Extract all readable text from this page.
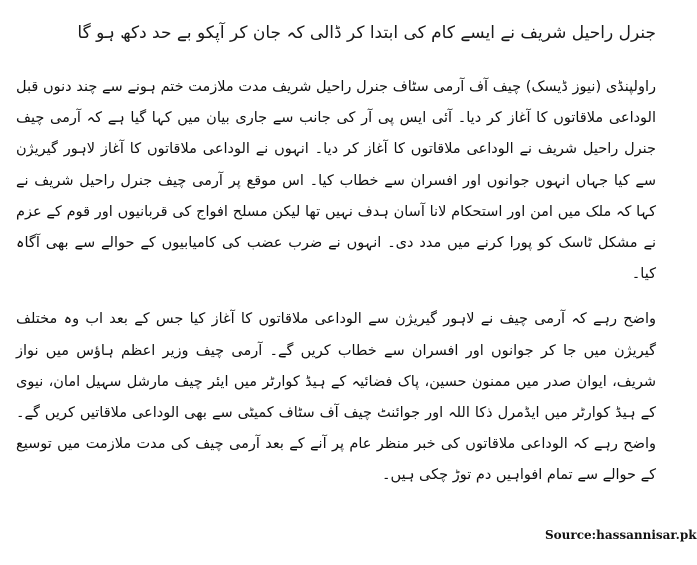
جنرل راحیل شریف نے ایسے کام کی ابتدا کر ڈالی کہ جان کر آپکو بے حد دکھ ہو گا

راولپنڈی (نیوز ڈیسک) چیف آف آرمی سٹاف جنرل راحیل شریف مدت ملازمت ختم ہونے سے چند دنوں قبل الوداعی ملاقاتوں کا آغاز کر دیا۔ آئی ایس پی آر کی جانب سے جاری بیان میں کہا گیا ہے کہ آرمی چیف جنرل راحیل شریف نے الوداعی ملاقاتوں کا آغاز کر دیا۔ انہوں نے الوداعی ملاقاتوں کا آغاز لاہور گیریژن سے کیا جہاں انہوں جوانوں اور افسران سے خطاب کیا۔ اس موقع پر آرمی چیف جنرل راحیل شریف نے کہا کہ ملک میں امن اور استحکام لانا آسان ہدف نہیں تھا لیکن مسلح افواج کی قربانیوں اور قوم کے عزم نے مشکل ٹاسک کو پورا کرنے میں مدد دی۔ انہوں نے ضرب عضب کی کامیابیوں کے حوالے سے بھی آگاہ کیا۔

واضح رہے کہ آرمی چیف نے لاہور گیریژن سے الوداعی ملاقاتوں کا آغاز کیا جس کے بعد اب وہ مختلف گیریژن میں جا کر جوانوں اور افسران سے خطاب کریں گے۔ آرمی چیف وزیر اعظم ہاؤس میں نواز شریف، ایوان صدر میں ممنون حسین، پاک فضائیہ کے ہیڈ کوارٹر میں ایئر چیف مارشل سہیل امان، نیوی کے ہیڈ کوارٹر میں ایڈمرل ذکا اللہ اور جوائنٹ چیف آف سٹاف کمیٹی سے بھی الوداعی ملاقاتیں کریں گے۔ واضح رہے کہ الوداعی ملاقاتوں کی خبر منظر عام پر آنے کے بعد آرمی چیف کی مدت ملازمت میں توسیع کے حوالے سے تمام افواہیں دم توڑ چکی ہیں۔

Source:hassannisar.pk
